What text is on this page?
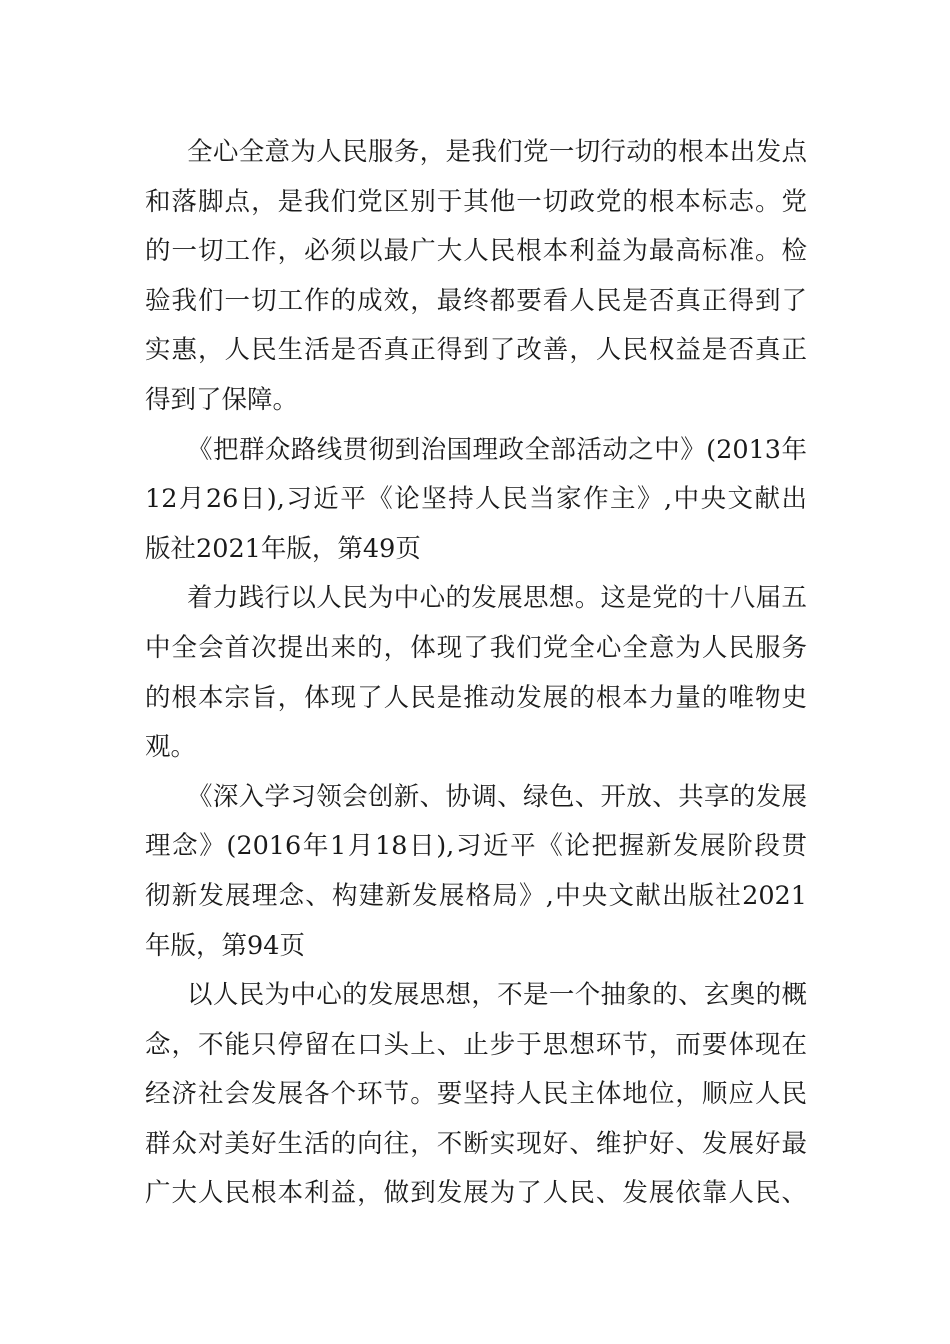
全心全意为人民服务，是我们党一切行动的根本出发点
和落脚点，是我们党区别于其他一切政党的根本标志。党
的一切工作，必须以最广大人民根本利益为最高标准。检
验我们一切工作的成效，最终都要看人民是否真正得到了
实惠，人民生活是否真正得到了改善，人民权益是否真正
得到了保障。
《把群众路线贯彻到治国理政全部活动之中》(2013年
12月26日),习近平《论坚持人民当家作主》,中央文献出
版社2021年版，第49页
着力践行以人民为中心的发展思想。这是党的十八届五
中全会首次提出来的，体现了我们党全心全意为人民服务
的根本宗旨，体现了人民是推动发展的根本力量的唯物史
观。
《深入学习领会创新、协调、绿色、开放、共享的发展
理念》(2016年1月18日),习近平《论把握新发展阶段贯
彻新发展理念、构建新发展格局》,中央文献出版社2021
年版，第94页
以人民为中心的发展思想，不是一个抽象的、玄奥的概
念，不能只停留在口头上、止步于思想环节，而要体现在
经济社会发展各个环节。要坚持人民主体地位，顺应人民
群众对美好生活的向往，不断实现好、维护好、发展好最
广大人民根本利益，做到发展为了人民、发展依靠人民、
